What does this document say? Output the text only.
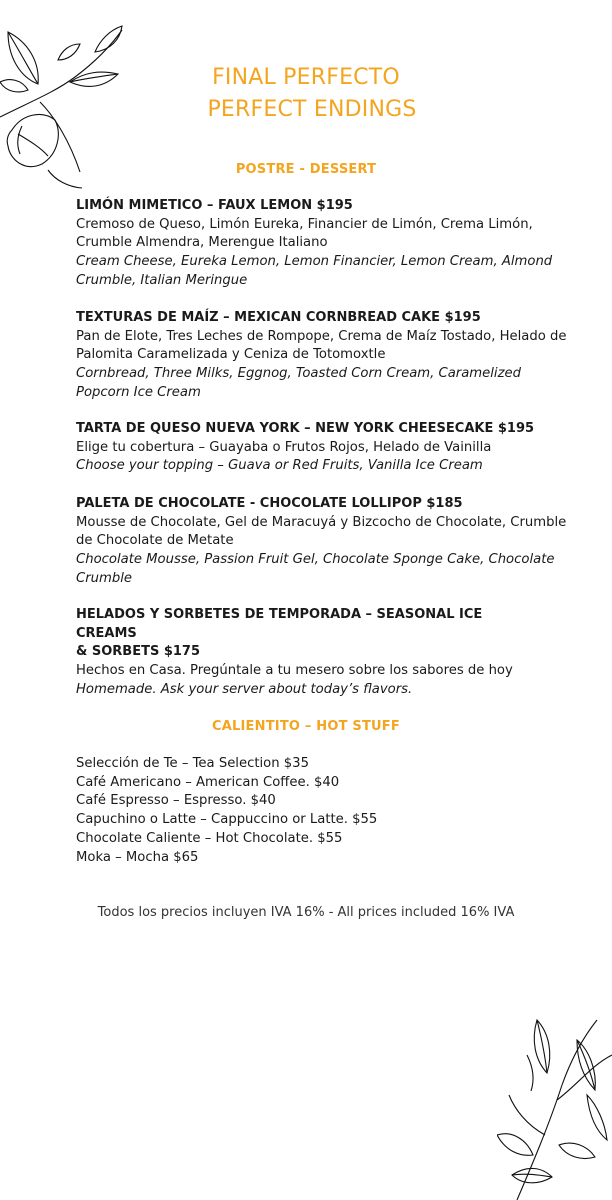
FINAL PERFECTO
PERFECT ENDINGS
POSTRE - DESSERT
LIMÓN MIMETICO – FAUX LEMON $195
Cremoso de Queso, Limón Eureka, Financier de Limón, Crema Limón, Crumble Almendra, Merengue Italiano
Cream Cheese, Eureka Lemon, Lemon Financier, Lemon Cream, Almond Crumble, Italian Meringue
TEXTURAS DE MAÍZ – MEXICAN CORNBREAD CAKE $195
Pan de Elote, Tres Leches de Rompope, Crema de Maíz Tostado, Helado de Palomita Caramelizada y Ceniza de Totomoxtle
Cornbread, Three Milks, Eggnog, Toasted Corn Cream, Caramelized Popcorn Ice Cream
TARTA DE QUESO NUEVA YORK – NEW YORK CHEESECAKE $195
Elige tu cobertura – Guayaba o Frutos Rojos, Helado de Vainilla
Choose your topping – Guava or Red Fruits, Vanilla Ice Cream
PALETA DE CHOCOLATE - CHOCOLATE LOLLIPOP $185
Mousse de Chocolate, Gel de Maracuyá y Bizcocho de Chocolate, Crumble de Chocolate de Metate
Chocolate Mousse, Passion Fruit Gel, Chocolate Sponge Cake, Chocolate Crumble
HELADOS Y SORBETES DE TEMPORADA – SEASONAL ICE CREAMS
& SORBETS $175
Hechos en Casa. Pregúntale a tu mesero sobre los sabores de hoy
Homemade. Ask your server about today’s flavors.
CALIENTITO – HOT STUFF
Selección de Te – Tea Selection $35
Café Americano – American Coffee. $40
Café Espresso – Espresso. $40
Capuchino o Latte – Cappuccino or Latte. $55
Chocolate Caliente – Hot Chocolate. $55
Moka – Mocha $65
Todos los precios incluyen IVA 16% - All prices included 16% IVA
